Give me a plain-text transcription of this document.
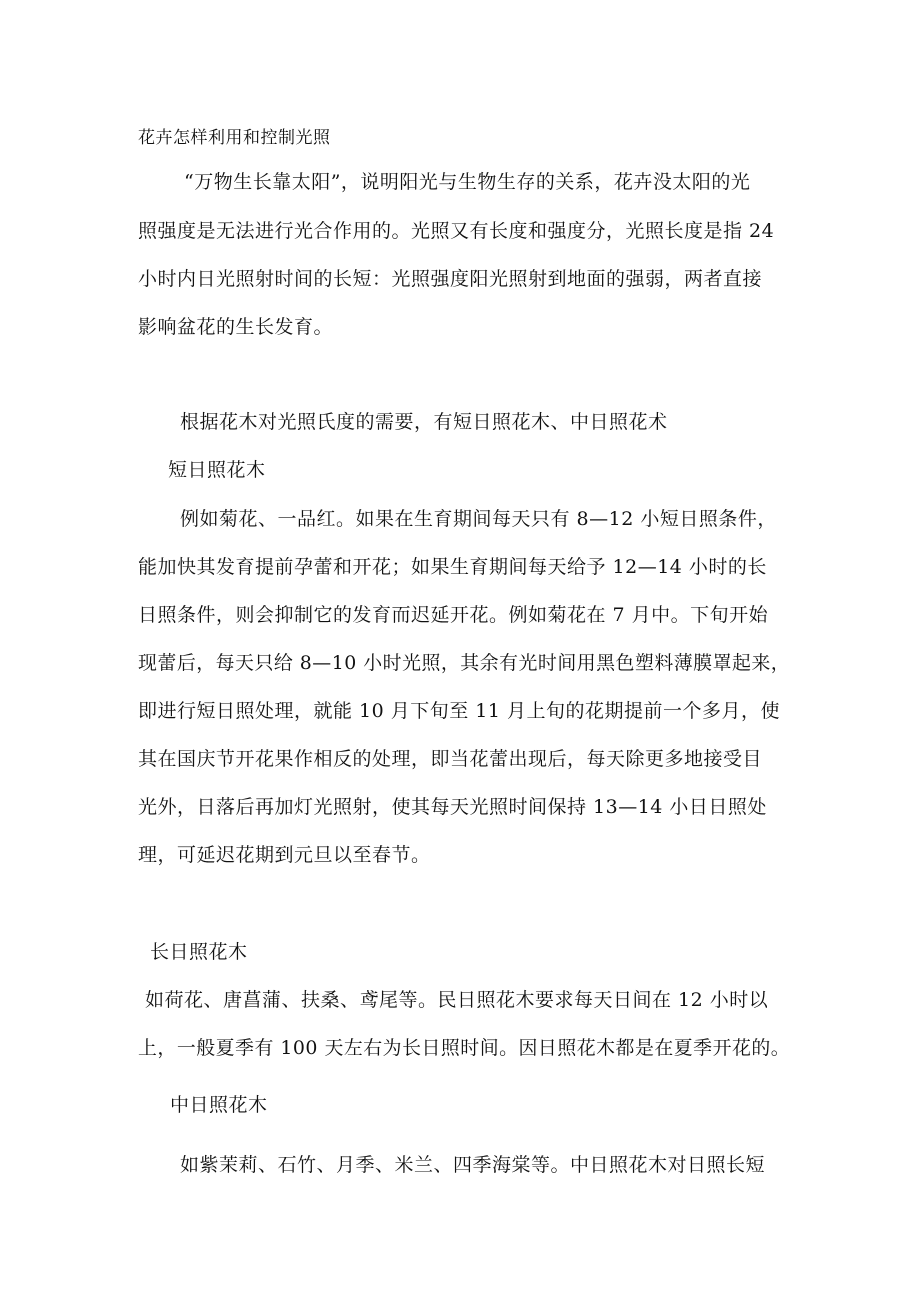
花卉怎样利用和控制光照
“万物生长靠太阳”，说明阳光与生物生存的关系，花卉没太阳的光
照强度是无法进行光合作用的。光照又有长度和强度分，光照长度是指 24
小时内日光照射时间的长短：光照强度阳光照射到地面的强弱，两者直接
影响盆花的生长发育。
根据花木对光照氏度的需要，有短日照花木、中日照花术
短日照花木
例如菊花、一品红。如果在生育期间每天只有 8—12 小短日照条件，
能加快其发育提前孕蕾和开花；如果生育期间每天给予 12—14 小时的长
日照条件，则会抑制它的发育而迟延开花。例如菊花在 7 月中。下旬开始
现蕾后，每天只给 8—10 小时光照，其余有光时间用黑色塑料薄膜罩起来，
即进行短日照处理，就能 10 月下旬至 11 月上旬的花期提前一个多月，使
其在国庆节开花果作相反的处理，即当花蕾出现后，每天除更多地接受目
光外，日落后再加灯光照射，使其每天光照时间保持 13—14 小日日照处
理，可延迟花期到元旦以至春节。
长日照花木
如荷花、唐菖蒲、扶桑、鸢尾等。民日照花木要求每天日间在 12 小时以
上，一般夏季有 100 天左右为长日照时间。因日照花木都是在夏季开花的。
中日照花木
如紫茉莉、石竹、月季、米兰、四季海棠等。中日照花木对日照长短
